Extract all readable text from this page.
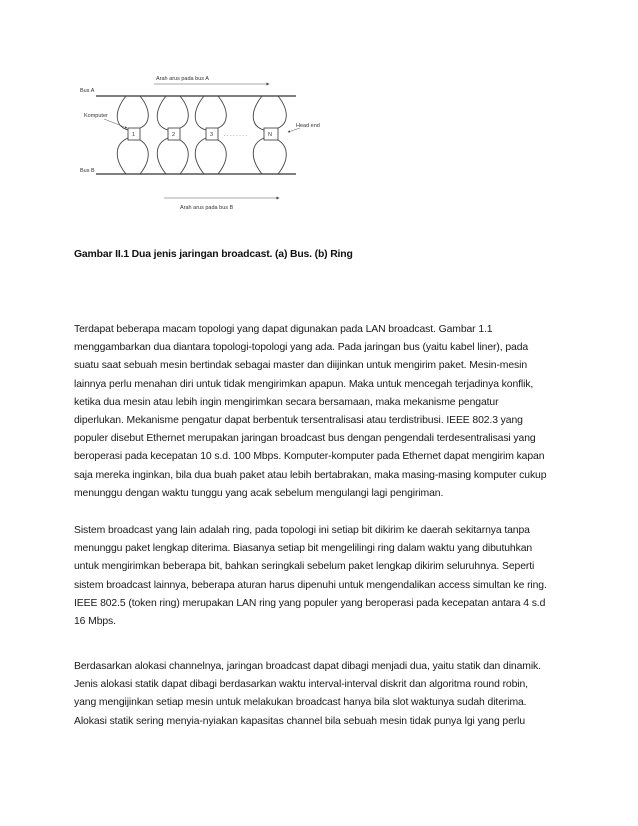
Arah arus pada bus A
Arah arus pada bus B
Bus A
Bus B
Komputer
1	2	3 . . . . . . . .	N
Head end
Gambar II.1 Dua jenis jaringan broadcast. (a) Bus. (b) Ring

Terdapat beberapa macam topologi yang dapat digunakan pada LAN broadcast. Gambar 1.1
menggambarkan dua diantara topologi-topologi yang ada. Pada jaringan bus (yaitu kabel liner), pada
suatu saat sebuah mesin bertindak sebagai master dan diijinkan untuk mengirim paket. Mesin-mesin
lainnya perlu menahan diri untuk tidak mengirimkan apapun. Maka untuk mencegah terjadinya konflik,
ketika dua mesin atau lebih ingin mengirimkan secara bersamaan, maka mekanisme pengatur
diperlukan. Mekanisme pengatur dapat berbentuk tersentralisasi atau terdistribusi. IEEE 802.3 yang
populer disebut Ethernet merupakan jaringan broadcast bus dengan pengendali terdesentralisasi yang
beroperasi pada kecepatan 10 s.d. 100 Mbps. Komputer-komputer pada Ethernet dapat mengirim kapan
saja mereka inginkan, bila dua buah paket atau lebih bertabrakan, maka masing-masing komputer cukup
menunggu dengan waktu tunggu yang acak sebelum mengulangi lagi pengiriman.

Sistem broadcast yang lain adalah ring, pada topologi ini setiap bit dikirim ke daerah sekitarnya tanpa
menunggu paket lengkap diterima. Biasanya setiap bit mengelilingi ring dalam waktu yang dibutuhkan
untuk mengirimkan beberapa bit, bahkan seringkali sebelum paket lengkap dikirim seluruhnya. Seperti
sistem broadcast lainnya, beberapa aturan harus dipenuhi untuk mengendalikan access simultan ke ring.
IEEE 802.5 (token ring) merupakan LAN ring yang populer yang beroperasi pada kecepatan antara 4 s.d
16 Mbps.

Berdasarkan alokasi channelnya, jaringan broadcast dapat dibagi menjadi dua, yaitu statik dan dinamik.
Jenis alokasi statik dapat dibagi berdasarkan waktu interval-interval diskrit dan algoritma round robin,
yang mengijinkan setiap mesin untuk melakukan broadcast hanya bila slot waktunya sudah diterima.
Alokasi statik sering menyia-nyiakan kapasitas channel bila sebuah mesin tidak punya lgi yang perlu
